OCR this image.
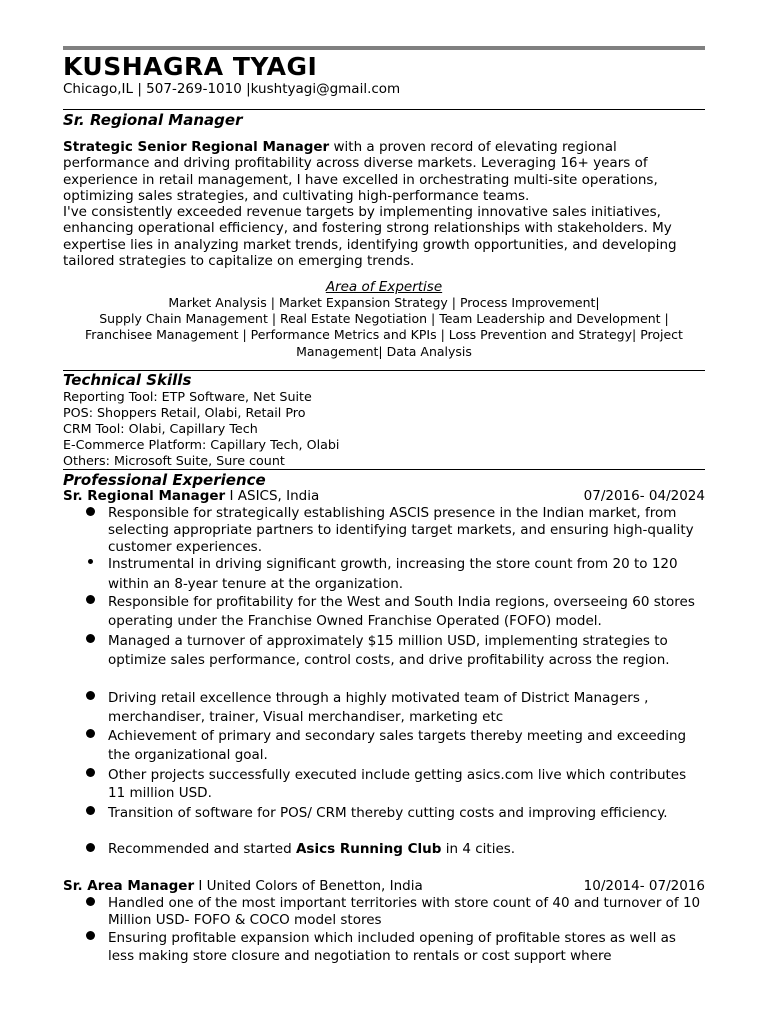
KUSHAGRA TYAGI
Chicago,IL | 507-269-1010 |kushtyagi@gmail.com
Sr. Regional Manager

Strategic Senior Regional Manager with a proven record of elevating regional performance and driving profitability across diverse markets. Leveraging 16+ years of experience in retail management, I have excelled in orchestrating multi-site operations, optimizing sales strategies, and cultivating high-performance teams.

I've consistently exceeded revenue targets by implementing innovative sales initiatives, enhancing operational efficiency, and fostering strong relationships with stakeholders. My expertise lies in analyzing market trends, identifying growth opportunities, and developing tailored strategies to capitalize on emerging trends.

Area of Expertise
Market Analysis | Market Expansion Strategy | Process Improvement|
Supply Chain Management | Real Estate Negotiation | Team Leadership and Development |
Franchisee Management | Performance Metrics and KPIs | Loss Prevention and Strategy| Project
Management| Data Analysis
Technical Skills
Reporting Tool: ETP Software, Net Suite
POS: Shoppers Retail, Olabi, Retail Pro
CRM Tool: Olabi, Capillary Tech
E-Commerce Platform: Capillary Tech, Olabi
Others: Microsoft Suite, Sure count
Professional Experience
Sr. Regional Manager I ASICS, India	07/2016- 04/2024
Responsible for strategically establishing ASCIS presence in the Indian market, from selecting appropriate partners to identifying target markets, and ensuring high-quality customer experiences.
Instrumental in driving significant growth, increasing the store count from 20 to 120 within an 8-year tenure at the organization.
Responsible for profitability for the West and South India regions, overseeing 60 stores operating under the Franchise Owned Franchise Operated (FOFO) model.
Managed a turnover of approximately $15 million USD, implementing strategies to optimize sales performance, control costs, and drive profitability across the region.
Driving retail excellence through a highly motivated team of District Managers , merchandiser, trainer, Visual merchandiser, marketing etc
Achievement of primary and secondary sales targets thereby meeting and exceeding the organizational goal.
Other projects successfully executed include getting asics.com live which contributes 11 million USD.
Transition of software for POS/ CRM thereby cutting costs and improving efficiency.
Recommended and started Asics Running Club in 4 cities.
Sr. Area Manager I United Colors of Benetton, India	10/2014- 07/2016
Handled one of the most important territories with store count of 40 and turnover of 10 Million USD- FOFO & COCO model stores
Ensuring profitable expansion which included opening of profitable stores as well as less making store closure and negotiation to rentals or cost support where
